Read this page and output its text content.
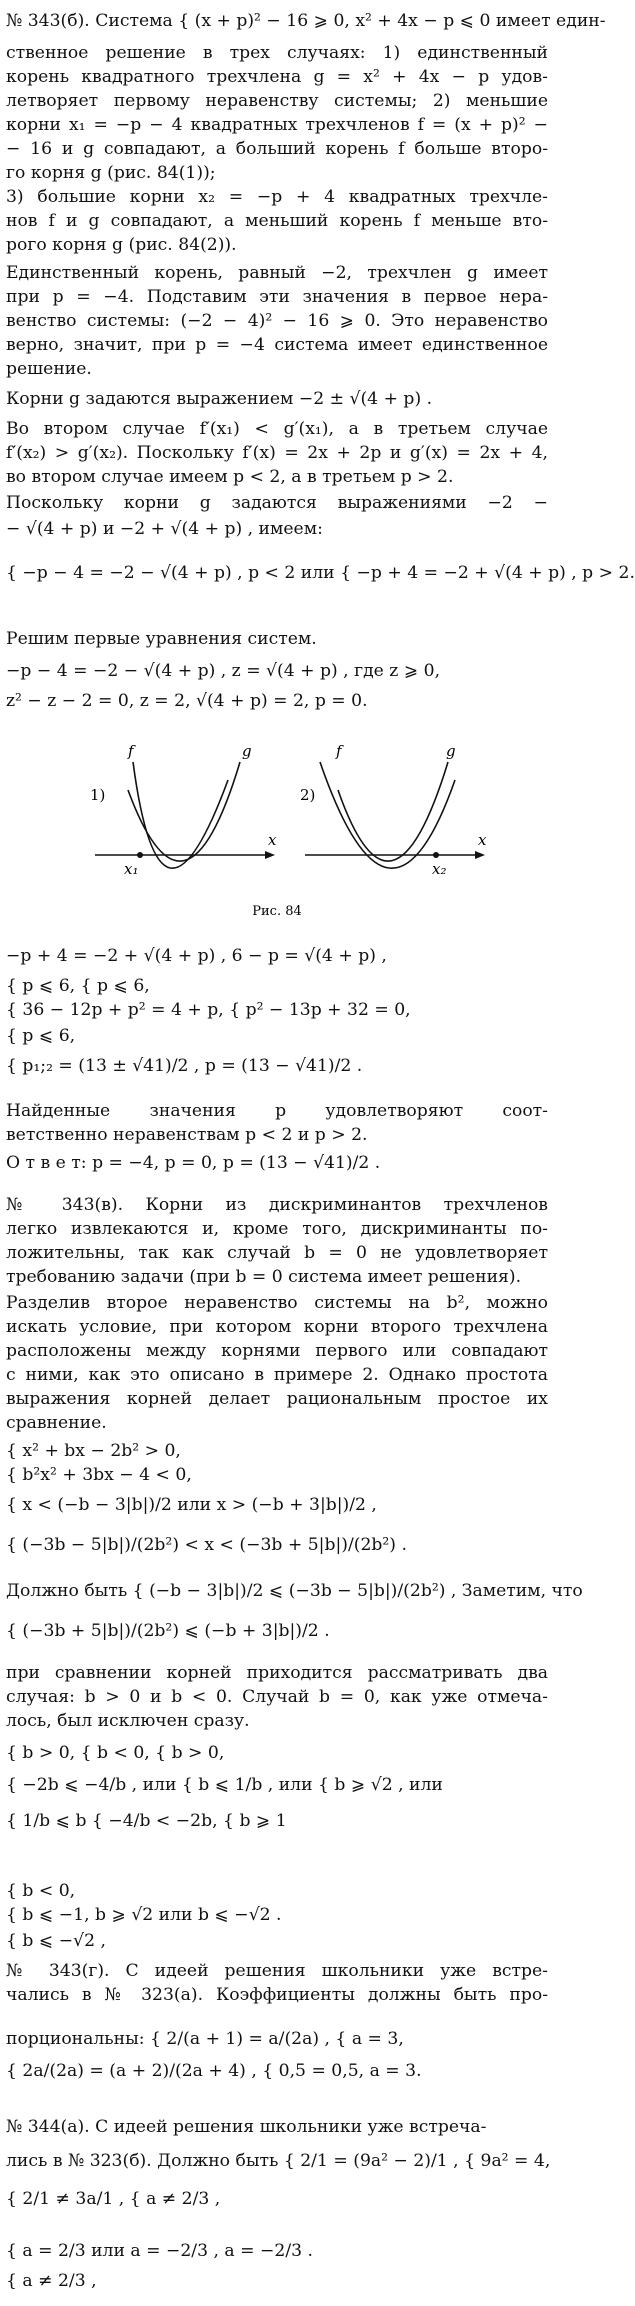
№ 343(б). Система { (x + p)² − 16 ⩾ 0, x² + 4x − p ⩽ 0 имеет един-
ственное решение в трех случаях: 1) единственный
корень квадратного трехчлена g = x² + 4x − p удов-
летворяет первому неравенству системы; 2) меньшие
корни x₁ = −p − 4 квадратных трехчленов f = (x + p)² −
− 16 и g совпадают, а больший корень f больше второ-
го корня g (рис. 84(1));
3) большие корни x₂ = −p + 4 квадратных трехчле-
нов f и g совпадают, а меньший корень f меньше вто-
рого корня g (рис. 84(2)).
Единственный корень, равный −2, трехчлен g имеет
при p = −4. Подставим эти значения в первое нера-
венство системы: (−2 − 4)² − 16 ⩾ 0. Это неравенство
верно, значит, при p = −4 система имеет единственное
решение.
Корни g задаются выражением −2 ± √(4 + p) .
Во втором случае f′(x₁) < g′(x₁), а в третьем случае
f′(x₂) > g′(x₂). Поскольку f′(x) = 2x + 2p и g′(x) = 2x + 4,
во втором случае имеем p < 2, а в третьем p > 2.
Поскольку корни g задаются выражениями −2 −
− √(4 + p) и −2 + √(4 + p) , имеем:
{ −p − 4 = −2 − √(4 + p) , p < 2 или { −p + 4 = −2 + √(4 + p) , p > 2.
Решим первые уравнения систем.
−p − 4 = −2 − √(4 + p) , z = √(4 + p) , где z ⩾ 0,
z² − z − 2 = 0, z = 2, √(4 + p) = 2, p = 0.
−p + 4 = −2 + √(4 + p) , 6 − p = √(4 + p) ,
{ p ⩽ 6, { p ⩽ 6,
{ 36 − 12p + p² = 4 + p, { p² − 13p + 32 = 0,
{ p ⩽ 6,
{ p₁;₂ = (13 ± √41)/2 , p = (13 − √41)/2 .
Найденные значения p удовлетворяют соот-
ветственно неравенствам p < 2 и p > 2.
О т в е т: p = −4, p = 0, p = (13 − √41)/2 .
№ 343(в). Корни из дискриминантов трехчленов
легко извлекаются и, кроме того, дискриминанты по-
ложительны, так как случай b = 0 не удовлетворяет
требованию задачи (при b = 0 система имеет решения).
Разделив второе неравенство системы на b², можно
искать условие, при котором корни второго трехчлена
расположены между корнями первого или совпадают
с ними, как это описано в примере 2. Однако простота
выражения корней делает рациональным простое их
сравнение.
{ x² + bx − 2b² > 0,
{ b²x² + 3bx − 4 < 0,
{ x < (−b − 3|b|)/2 или x > (−b + 3|b|)/2 ,
{ (−3b − 5|b|)/(2b²) < x < (−3b + 5|b|)/(2b²) .
Должно быть { (−b − 3|b|)/2 ⩽ (−3b − 5|b|)/(2b²) , Заметим, что
{ (−3b + 5|b|)/(2b²) ⩽ (−b + 3|b|)/2 .
при сравнении корней приходится рассматривать два
случая: b > 0 и b < 0. Случай b = 0, как уже отмеча-
лось, был исключен сразу.
{ b > 0, { b < 0, { b > 0,
{ −2b ⩽ −4/b , или { b ⩽ 1/b , или { b ⩾ √2 , или
{ 1/b ⩽ b { −4/b < −2b, { b ⩾ 1
{ b < 0,
{ b ⩽ −1, b ⩾ √2 или b ⩽ −√2 .
{ b ⩽ −√2 ,
№ 343(г). С идеей решения школьники уже встре-
чались в № 323(а). Коэффициенты должны быть про-
порциональны: { 2/(a + 1) = a/(2a) , { a = 3,
{ 2a/(2a) = (a + 2)/(2a + 4) , { 0,5 = 0,5, a = 3.
№ 344(а). С идеей решения школьники уже встреча-
лись в № 323(б). Должно быть { 2/1 = (9a² − 2)/1 , { 9a² = 4,
{ 2/1 ≠ 3a/1 , { a ≠ 2/3 ,
{ a = 2/3 или a = −2/3 , a = −2/3 .
{ a ≠ 2/3 ,
1)
x
f	g
x₁
2)
x
f	g
x₂
Рис. 84
